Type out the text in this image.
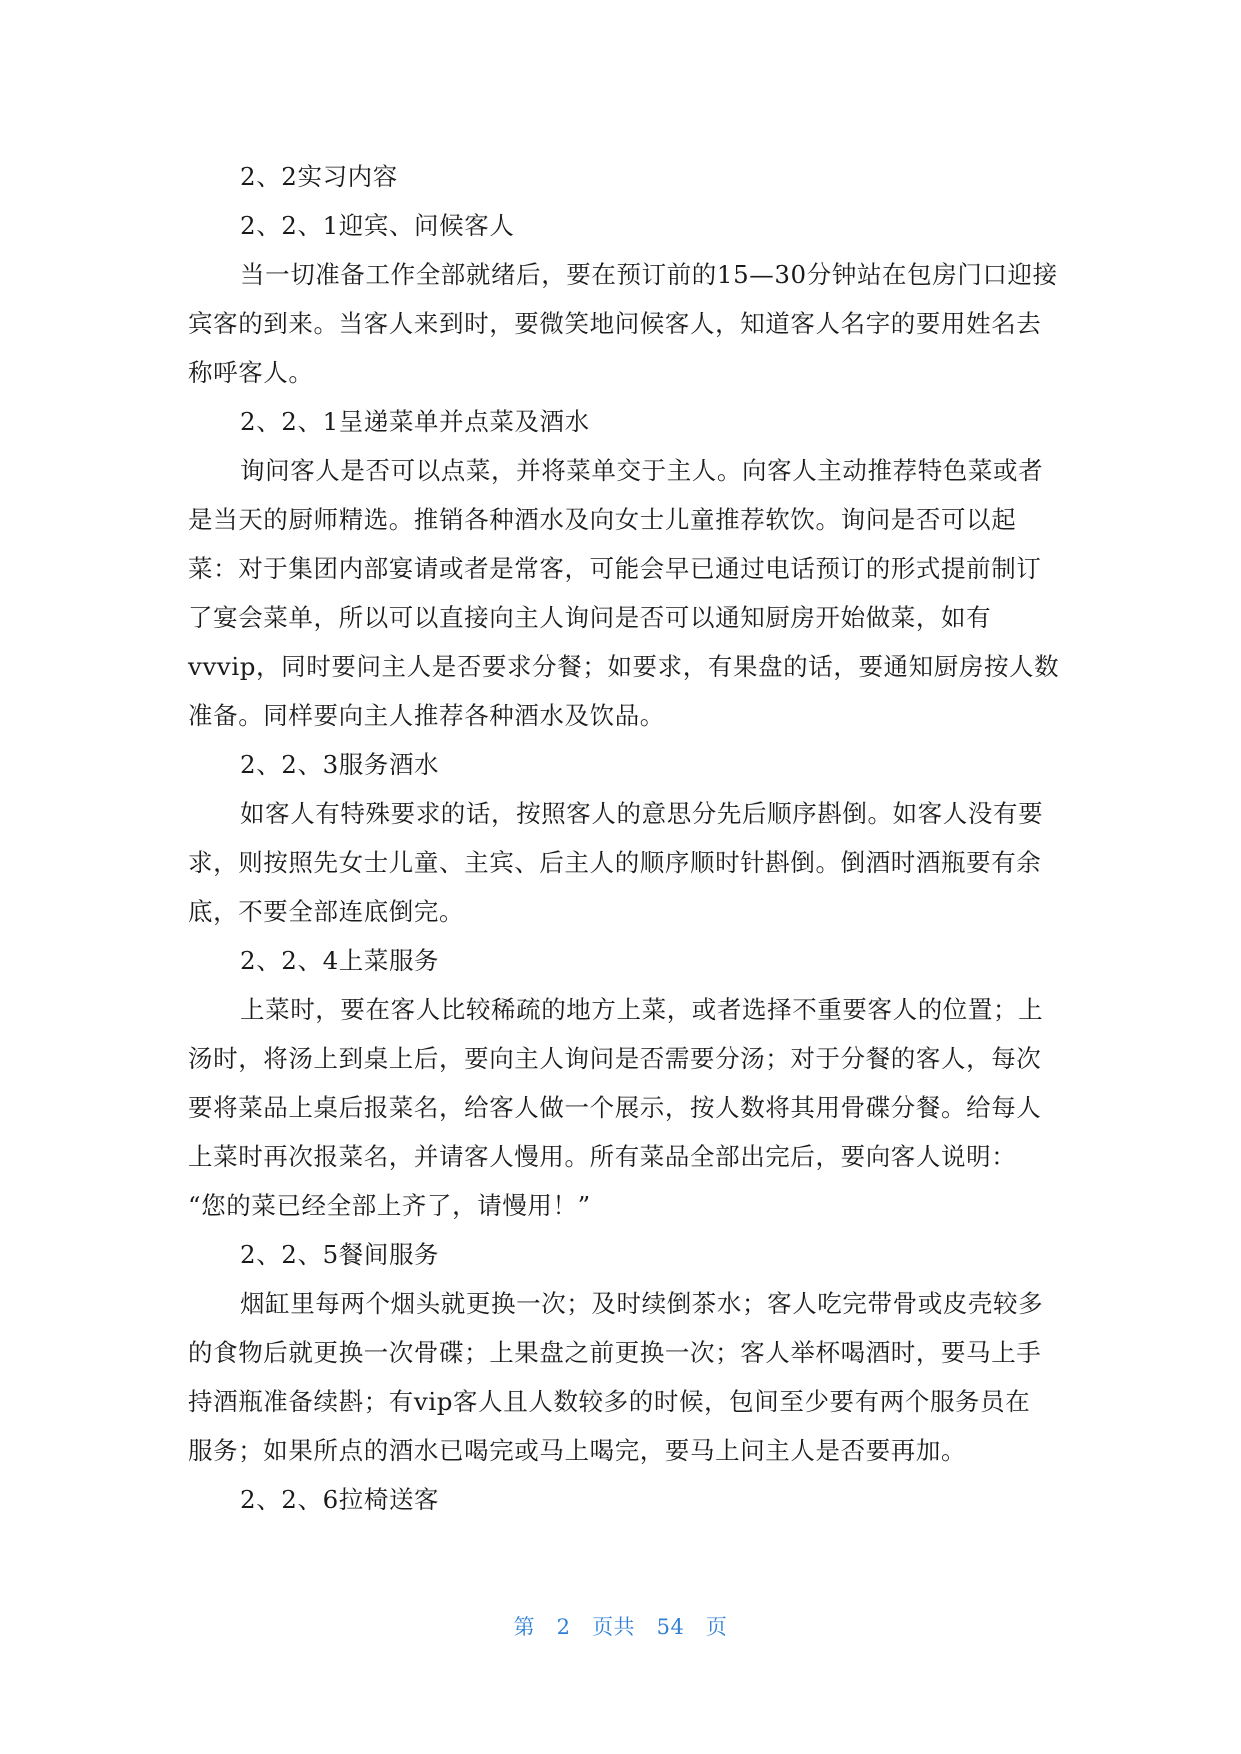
2、2实习内容

2、2、1迎宾、问候客人

当一切准备工作全部就绪后，要在预订前的15—30分钟站在包房门口迎接

宾客的到来。当客人来到时，要微笑地问候客人，知道客人名字的要用姓名去

称呼客人。

2、2、1呈递菜单并点菜及酒水

询问客人是否可以点菜，并将菜单交于主人。向客人主动推荐特色菜或者

是当天的厨师精选。推销各种酒水及向女士儿童推荐软饮。询问是否可以起

菜：对于集团内部宴请或者是常客，可能会早已通过电话预订的形式提前制订

了宴会菜单，所以可以直接向主人询问是否可以通知厨房开始做菜，如有

vvvip，同时要问主人是否要求分餐；如要求，有果盘的话，要通知厨房按人数

准备。同样要向主人推荐各种酒水及饮品。

2、2、3服务酒水

如客人有特殊要求的话，按照客人的意思分先后顺序斟倒。如客人没有要

求，则按照先女士儿童、主宾、后主人的顺序顺时针斟倒。倒酒时酒瓶要有余

底，不要全部连底倒完。

2、2、4上菜服务

上菜时，要在客人比较稀疏的地方上菜，或者选择不重要客人的位置；上

汤时，将汤上到桌上后，要向主人询问是否需要分汤；对于分餐的客人，每次

要将菜品上桌后报菜名，给客人做一个展示，按人数将其用骨碟分餐。给每人

上菜时再次报菜名，并请客人慢用。所有菜品全部出完后，要向客人说明：

“您的菜已经全部上齐了，请慢用！”

2、2、5餐间服务

烟缸里每两个烟头就更换一次；及时续倒茶水；客人吃完带骨或皮壳较多

的食物后就更换一次骨碟；上果盘之前更换一次；客人举杯喝酒时，要马上手

持酒瓶准备续斟；有vip客人且人数较多的时候，包间至少要有两个服务员在

服务；如果所点的酒水已喝完或马上喝完，要马上问主人是否要再加。

2、2、6拉椅送客

第 2 页共 54 页
